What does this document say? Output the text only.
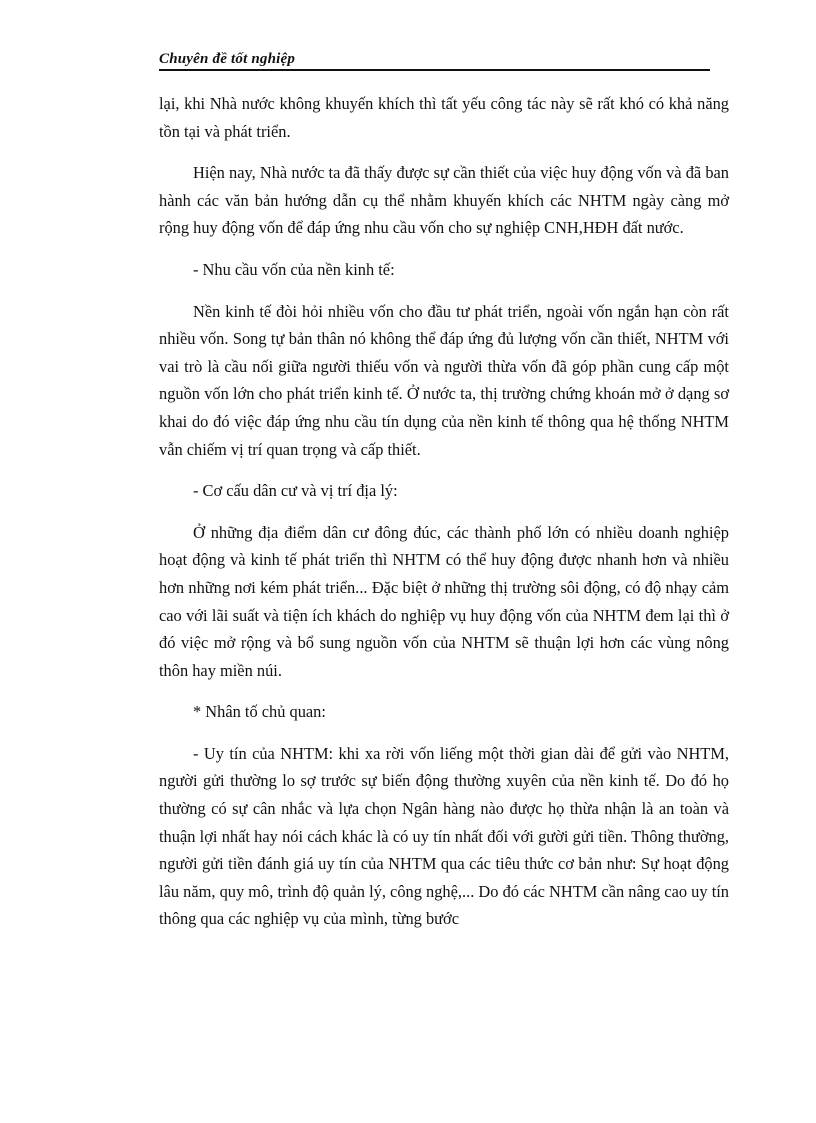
Chuyên đề tốt nghiệp

lại, khi Nhà nước không khuyến khích thì tất yếu công tác này sẽ rất khó có khả năng tồn tại và phát triển.

Hiện nay, Nhà nước ta đã thấy được sự cần thiết của việc huy động vốn và đã ban hành các văn bản hướng dẫn cụ thể nhằm khuyến khích các NHTM ngày càng mở rộng huy động vốn để đáp ứng nhu cầu vốn cho sự nghiệp CNH,HĐH đất nước.

- Nhu cầu vốn của nền kinh tế:

Nền kinh tế đòi hỏi nhiều vốn cho đầu tư phát triển, ngoài vốn ngắn hạn còn rất nhiều vốn. Song tự bản thân nó không thể đáp ứng đủ lượng vốn cần thiết, NHTM với vai trò là cầu nối giữa người thiếu vốn và người thừa vốn đã góp phần cung cấp một nguồn vốn lớn cho phát triển kinh tế. Ở nước ta, thị trường chứng khoán mở ở dạng sơ khai do đó việc đáp ứng nhu cầu tín dụng của nền kinh tế thông qua hệ thống NHTM vẫn chiếm vị trí quan trọng và cấp thiết.

- Cơ cấu dân cư và vị trí địa lý:

Ở những địa điểm dân cư đông đúc, các thành phố lớn có nhiều doanh nghiệp hoạt động và kinh tế phát triển thì NHTM có thể huy động được nhanh hơn và nhiều hơn những nơi kém phát triển... Đặc biệt ở những thị trường sôi động, có độ nhạy cảm cao với lãi suất và tiện ích khách do nghiệp vụ huy động vốn của NHTM đem lại thì ở đó việc mở rộng và bổ sung nguồn vốn của NHTM sẽ thuận lợi hơn các vùng nông thôn hay miền núi.

* Nhân tố chủ quan:

- Uy tín của NHTM: khi xa rời vốn liếng một thời gian dài để gửi vào NHTM, người gửi thường lo sợ trước sự biến động thường xuyên của nền kinh tế. Do đó họ thường có sự cân nhắc và lựa chọn Ngân hàng nào được họ thừa nhận là an toàn và thuận lợi nhất hay nói cách khác là có uy tín nhất đối với gười gửi tiền. Thông thường, người gửi tiền đánh giá uy tín của NHTM qua các tiêu thức cơ bản như: Sự hoạt động lâu năm, quy mô, trình độ quản lý, công nghệ,... Do đó các NHTM cần nâng cao uy tín thông qua các nghiệp vụ của mình, từng bước
